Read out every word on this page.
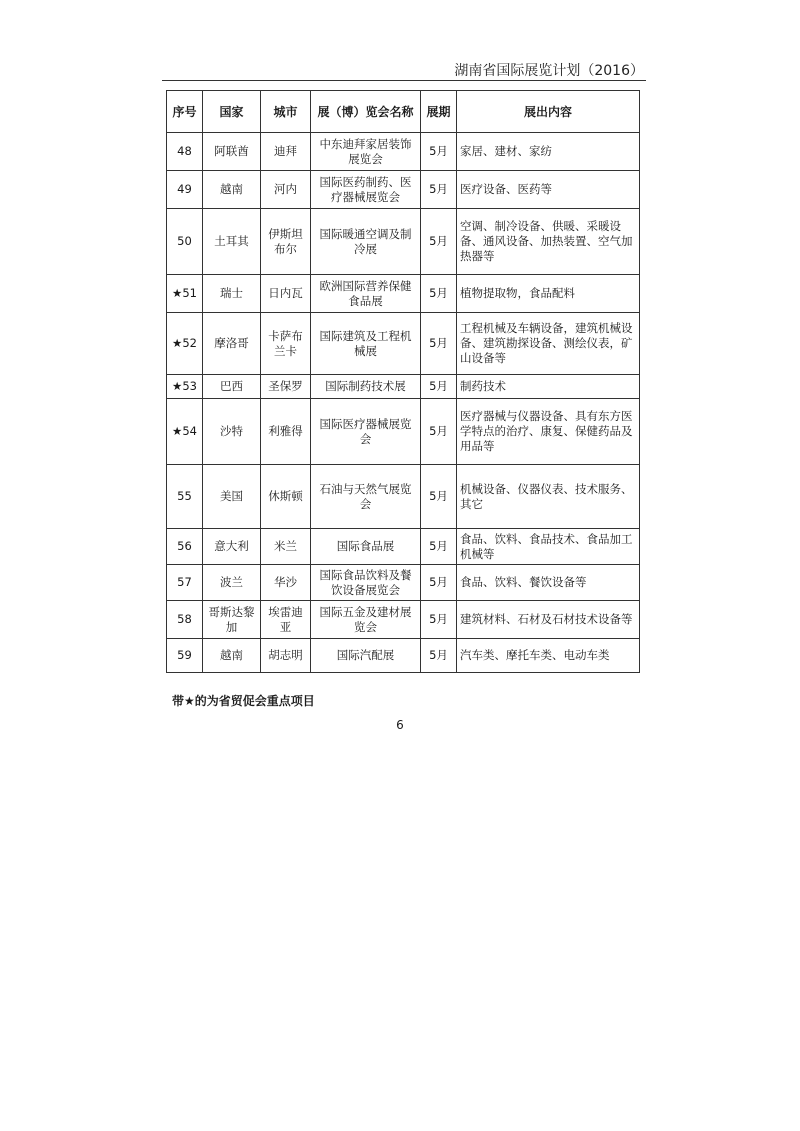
湖南省国际展览计划（2016）
序号	国家	城市	展（博）览会名称	展期	展出内容
48	阿联酋	迪拜	中东迪拜家居装饰展览会	5月	家居、建材、家纺
49	越南	河内	国际医药制药、医疗器械展览会	5月	医疗设备、医药等
50	土耳其	伊斯坦布尔	国际暖通空调及制冷展	5月	空调、制冷设备、供暖、采暖设备、通风设备、加热装置、空气加热器等
★51	瑞士	日内瓦	欧洲国际营养保健食品展	5月	植物提取物，食品配料
★52	摩洛哥	卡萨布兰卡	国际建筑及工程机械展	5月	工程机械及车辆设备，建筑机械设备、建筑勘探设备、测绘仪表，矿山设备等
★53	巴西	圣保罗	国际制药技术展	5月	制药技术
★54	沙特	利雅得	国际医疗器械展览会	5月	医疗器械与仪器设备、具有东方医学特点的治疗、康复、保健药品及用品等
55	美国	休斯顿	石油与天然气展览会	5月	机械设备、仪器仪表、技术服务、其它
56	意大利	米兰	国际食品展	5月	食品、饮料、食品技术、食品加工机械等
57	波兰	华沙	国际食品饮料及餐饮设备展览会	5月	食品、饮料、餐饮设备等
58	哥斯达黎加	埃雷迪亚	国际五金及建材展览会	5月	建筑材料、石材及石材技术设备等
59	越南	胡志明	国际汽配展	5月	汽车类、摩托车类、电动车类
带★的为省贸促会重点项目
6
